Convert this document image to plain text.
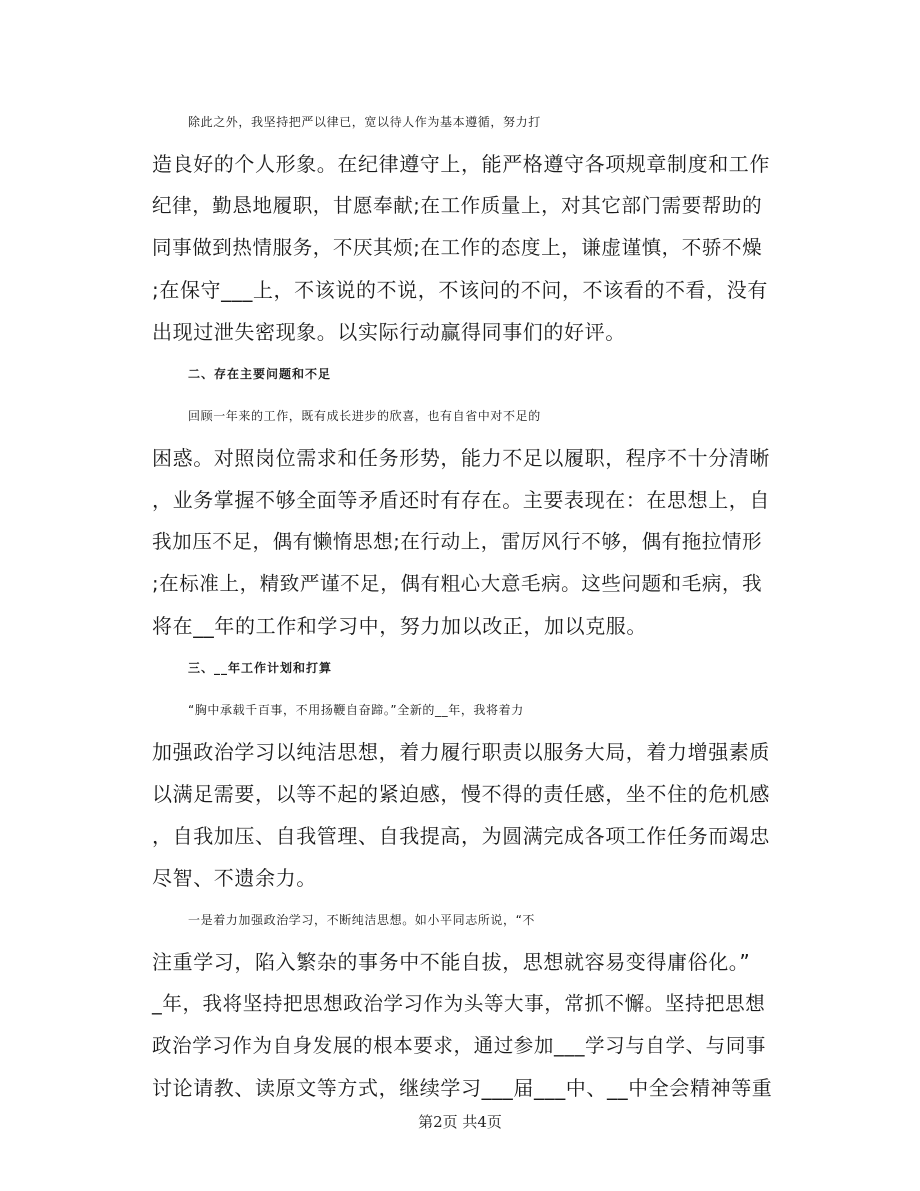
除此之外，我坚持把严以律已，宽以待人作为基本遵循，努力打
造良好的个人形象。在纪律遵守上，能严格遵守各项规章制度和工作
纪律，勤恳地履职，甘愿奉献;在工作质量上，对其它部门需要帮助的
同事做到热情服务，不厌其烦;在工作的态度上，谦虚谨慎，不骄不燥
;在保守___上，不该说的不说，不该问的不问，不该看的不看，没有
出现过泄失密现象。以实际行动赢得同事们的好评。
二、存在主要问题和不足
回顾一年来的工作，既有成长进步的欣喜，也有自省中对不足的
困惑。对照岗位需求和任务形势，能力不足以履职，程序不十分清晰
，业务掌握不够全面等矛盾还时有存在。主要表现在：在思想上，自
我加压不足，偶有懒惰思想;在行动上，雷厉风行不够，偶有拖拉情形
;在标准上，精致严谨不足，偶有粗心大意毛病。这些问题和毛病，我
将在__年的工作和学习中，努力加以改正，加以克服。
三、__年工作计划和打算
“胸中承载千百事，不用扬鞭自奋蹄。”全新的__年，我将着力
加强政治学习以纯洁思想，着力履行职责以服务大局，着力增强素质
以满足需要，以等不起的紧迫感，慢不得的责任感，坐不住的危机感
，自我加压、自我管理、自我提高，为圆满完成各项工作任务而竭忠
尽智、不遗余力。
一是着力加强政治学习，不断纯洁思想。如小平同志所说，“不
注重学习，陷入繁杂的事务中不能自拔，思想就容易变得庸俗化。”
_年，我将坚持把思想政治学习作为头等大事，常抓不懈。坚持把思想
政治学习作为自身发展的根本要求，通过参加___学习与自学、与同事
讨论请教、读原文等方式，继续学习___届___中、__中全会精神等重
第2页 共4页
